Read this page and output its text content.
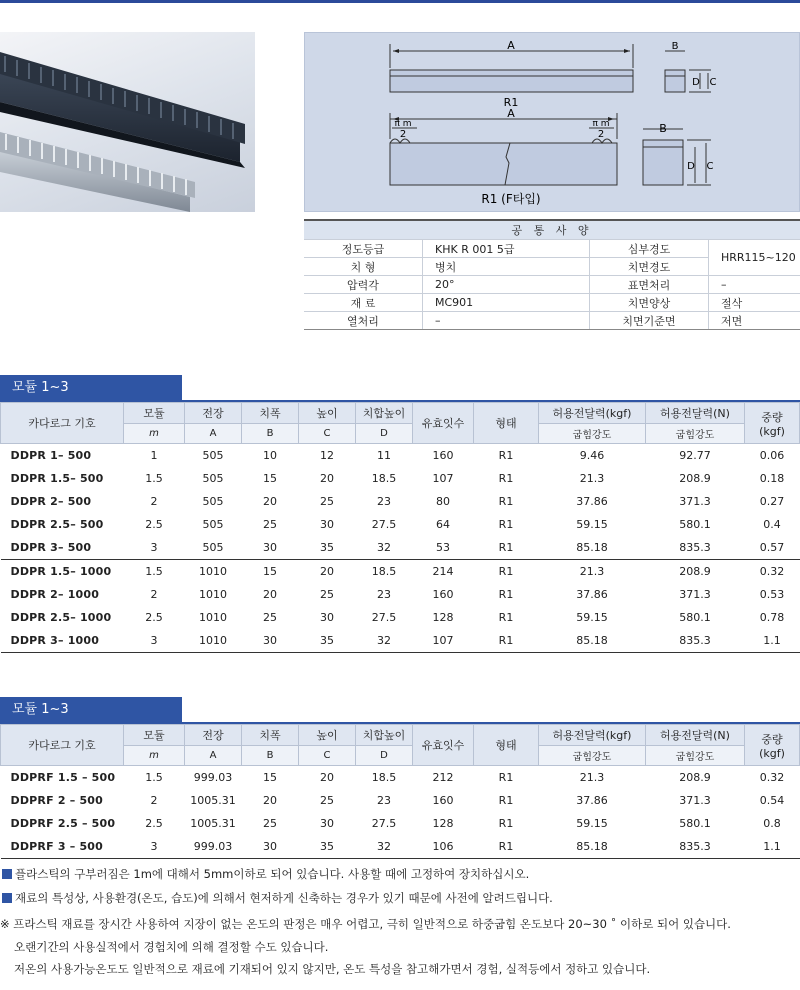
A	B
D C
R1
A
π m
2
π m
2	B
D C
R1 (F타입)
공 통 사 양			
정도등급	KHK R 001 5급	심부경도	HRR115~120
치 형	병치	치면경도	
압력각	20°	표면처리	–
재 료	MC901	치면양상	절삭
열처리	–	치면기준면	저면
모듈 1~3
카다로그 기호	모듈	전장	치폭	높이	치합높이	유효잇수	형태	허용전달력(kgf)	허용전달력(N)	중량
(kgf)
	m	A	B	C	D			굽힘강도	굽힘강도	
DDPR 1– 500	1	505	10	12	11	160	R1	9.46	92.77	0.06
DDPR 1.5– 500	1.5	505	15	20	18.5	107	R1	21.3	208.9	0.18
DDPR 2– 500	2	505	20	25	23	80	R1	37.86	371.3	0.27
DDPR 2.5– 500	2.5	505	25	30	27.5	64	R1	59.15	580.1	0.4
DDPR 3– 500	3	505	30	35	32	53	R1	85.18	835.3	0.57
DDPR 1.5– 1000	1.5	1010	15	20	18.5	214	R1	21.3	208.9	0.32
DDPR 2– 1000	2	1010	20	25	23	160	R1	37.86	371.3	0.53
DDPR 2.5– 1000	2.5	1010	25	30	27.5	128	R1	59.15	580.1	0.78
DDPR 3– 1000	3	1010	30	35	32	107	R1	85.18	835.3	1.1
모듈 1~3
카다로그 기호	모듈	전장	치폭	높이	치합높이	유효잇수	형태	허용전달력(kgf)	허용전달력(N)	중량
(kgf)
	m	A	B	C	D			굽힘강도	굽힘강도	
DDPRF 1.5 – 500	1.5	999.03	15	20	18.5	212	R1	21.3	208.9	0.32
DDPRF 2 – 500	2	1005.31	20	25	23	160	R1	37.86	371.3	0.54
DDPRF 2.5 – 500	2.5	1005.31	25	30	27.5	128	R1	59.15	580.1	0.8
DDPRF 3 – 500	3	999.03	30	35	32	106	R1	85.18	835.3	1.1
플라스틱의 구부러짐은 1m에 대해서 5mm이하로 되어 있습니다. 사용할 때에 고정하여 장치하십시오.
재료의 특성상, 사용환경(온도, 습도)에 의해서 현저하게 신축하는 경우가 있기 때문에 사전에 알려드립니다.
※ 프라스틱 재료를 장시간 사용하여 지장이 없는 온도의 판정은 매우 어렵고, 극히 일반적으로 하중굽힘 온도보다 20~30 ˚ 이하로 되어 있습니다.
오랜기간의 사용실적에서 경험치에 의해 결정할 수도 있습니다.
저온의 사용가능온도도 일반적으로 재료에 기재되어 있지 않지만, 온도 특성을 참고해가면서 경험, 실적등에서 정하고 있습니다.
